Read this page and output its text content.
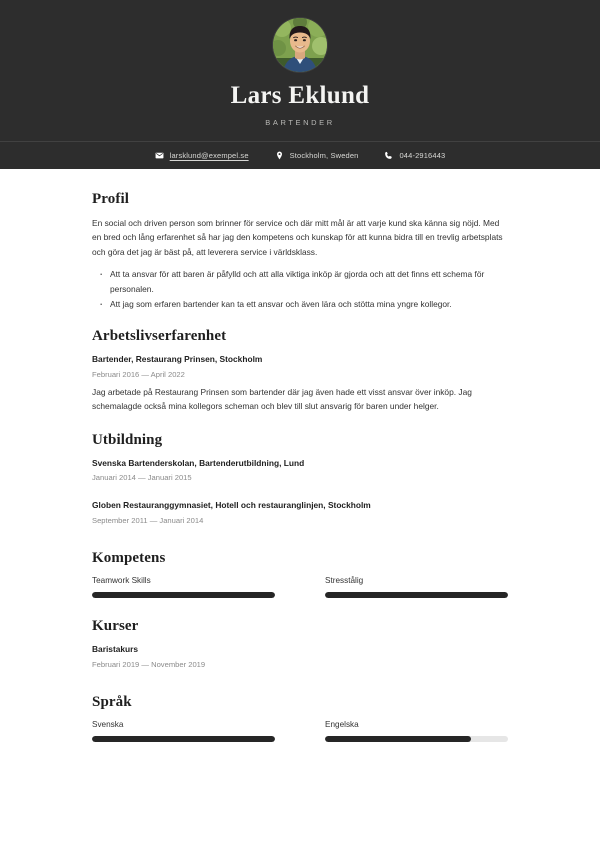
Lars Eklund
BARTENDER
larsklund@exempel.se	Stockholm, Sweden	044-2916443
Profil

En social och driven person som brinner för service och där mitt mål är att varje kund ska känna sig nöjd. Med en bred och lång erfarenhet så har jag den kompetens och kunskap för att kunna bidra till en trevlig arbetsplats och göra det jag är bäst på, att leverera service i världsklass.

· Att ta ansvar för att baren är påfylld och att alla viktiga inköp är gjorda och att det finns ett schema för personalen.
· Att jag som erfaren bartender kan ta ett ansvar och även lära och stötta mina yngre kollegor.
Arbetslivserfarenhet
Bartender, Restaurang Prinsen, Stockholm
Februari 2016 — April 2022
Jag arbetade på Restaurang Prinsen som bartender där jag även hade ett visst ansvar över inköp. Jag schemalagde också mina kollegors scheman och blev till slut ansvarig för baren under helger.
Utbildning
Svenska Bartenderskolan, Bartenderutbildning, Lund
Januari 2014 — Januari 2015
Globen Restauranggymnasiet, Hotell och restauranglinjen, Stockholm
September 2011 — Januari 2014
Kompetens
Teamwork Skills	Stresstålig
Kurser
Baristakurs
Februari 2019 — November 2019
Språk
Svenska	Engelska
